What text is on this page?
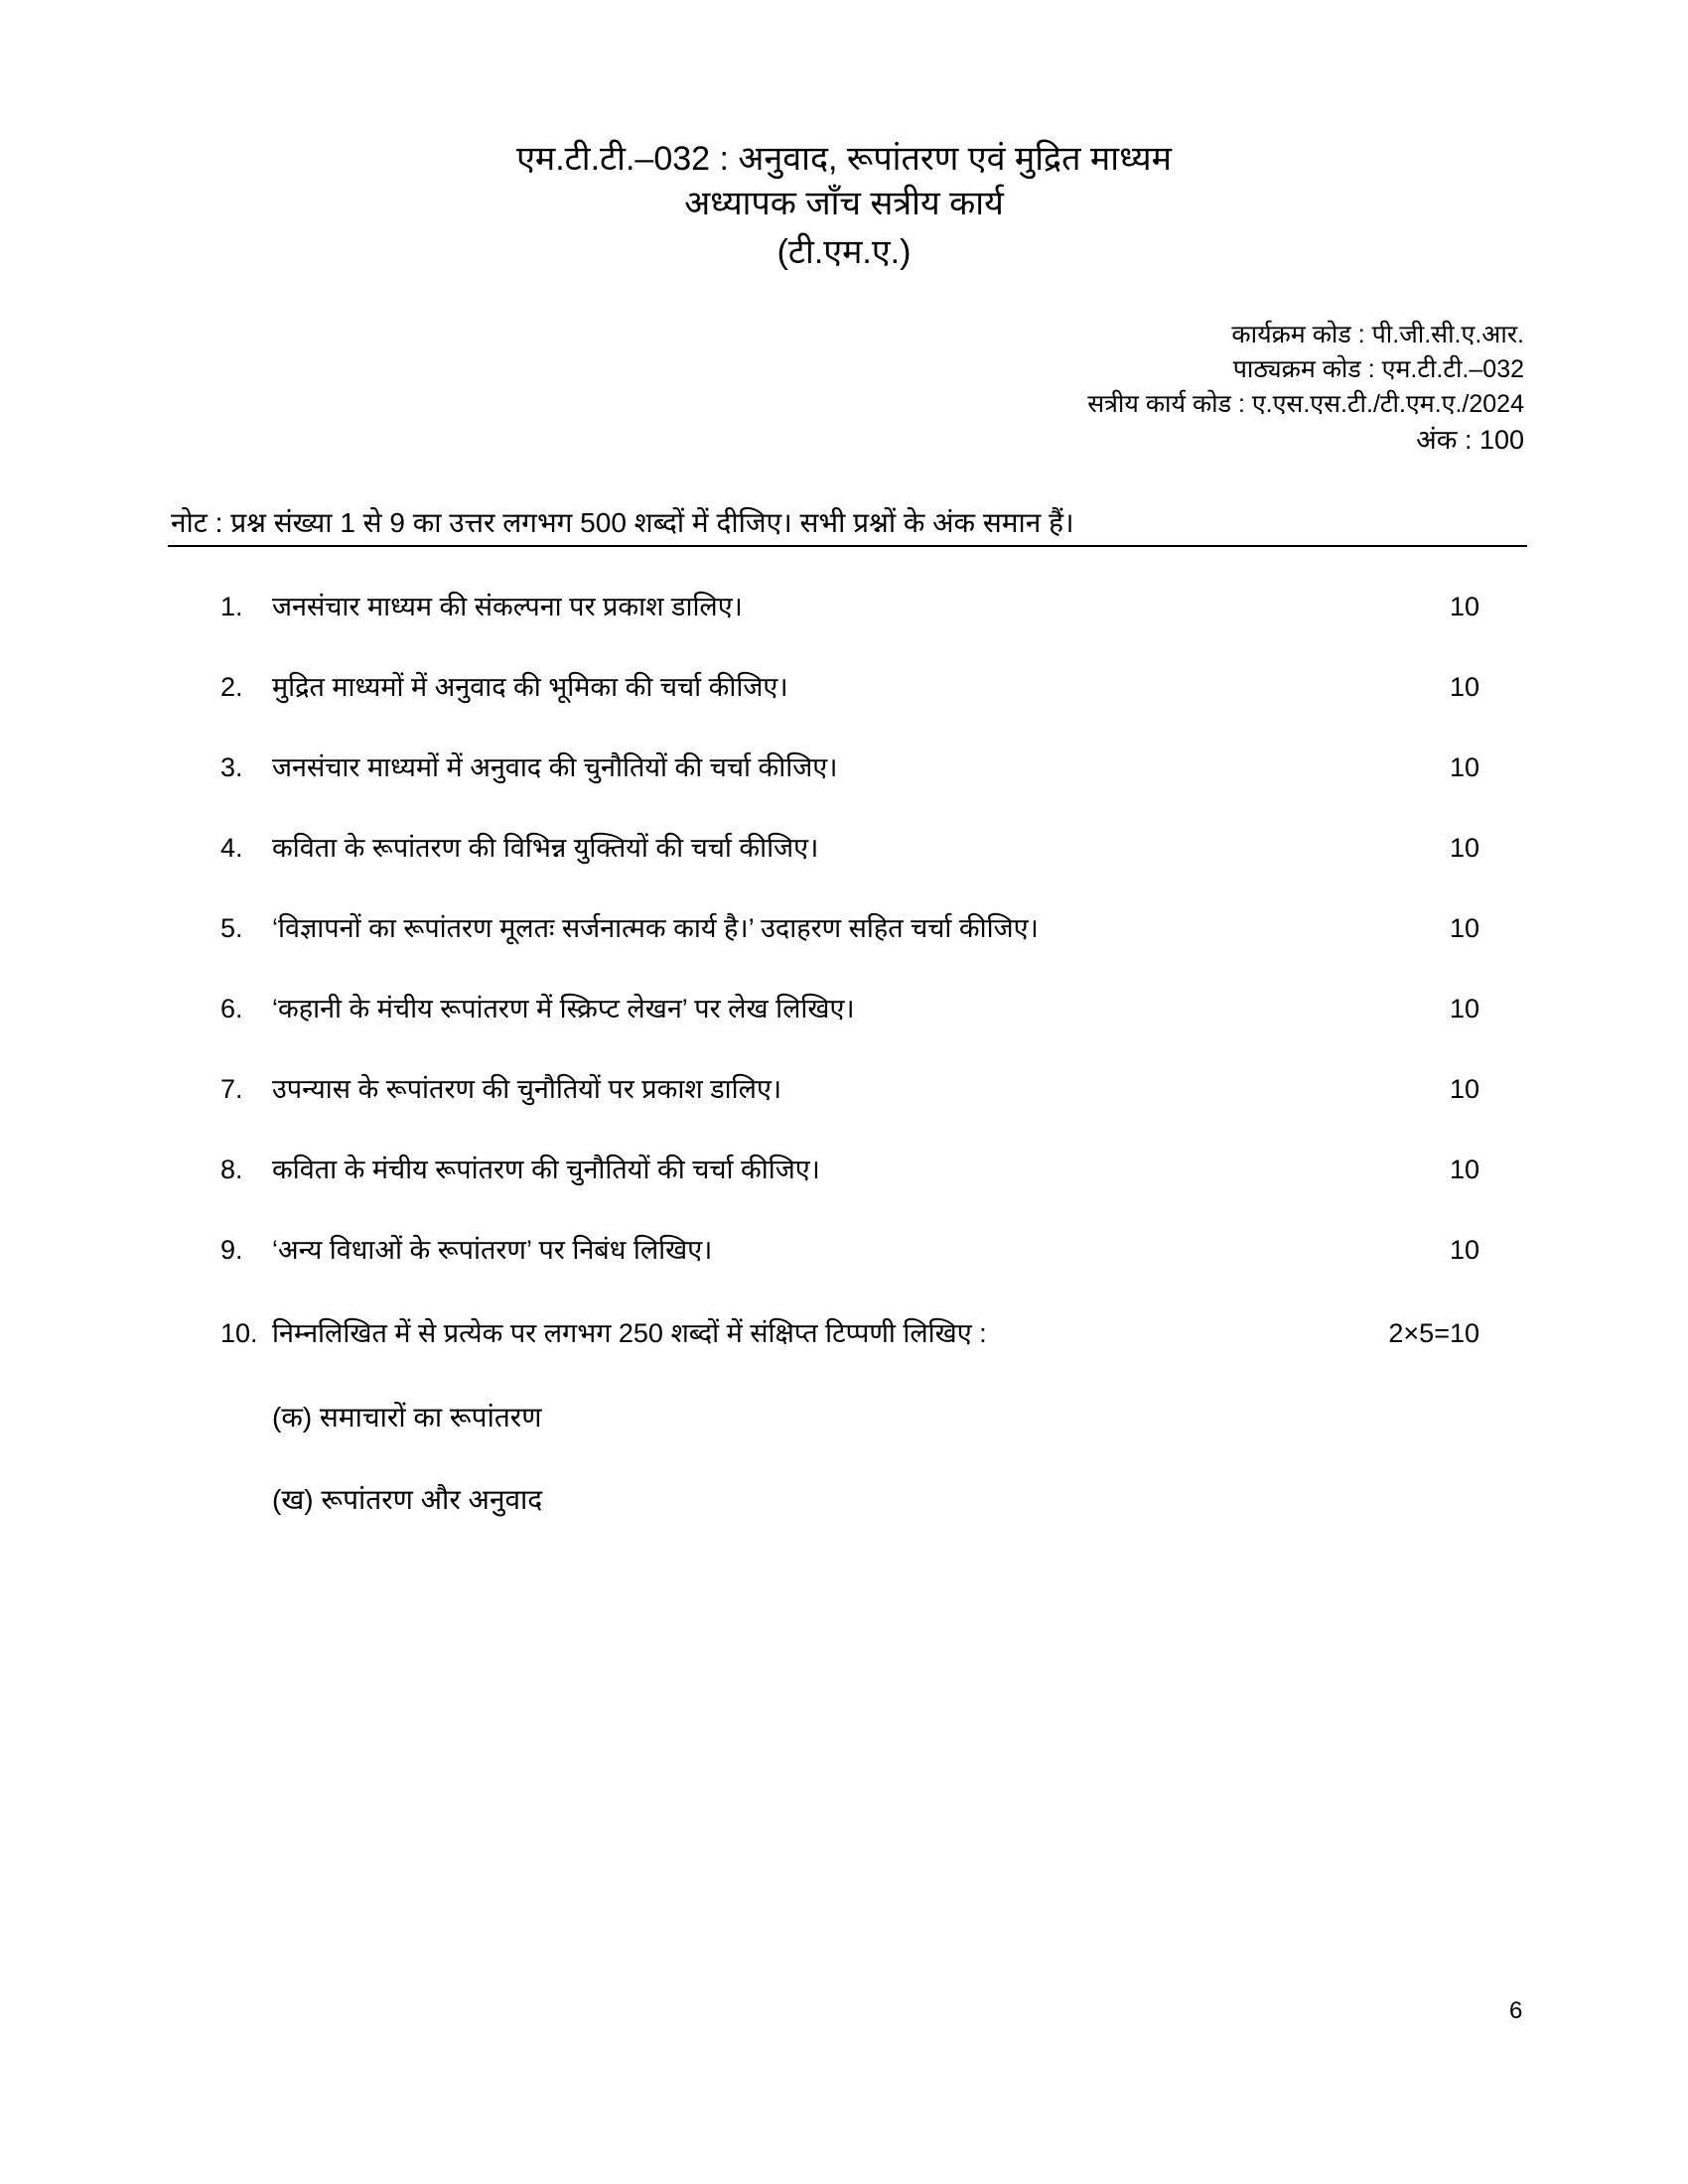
एम.टी.टी.–032 : अनुवाद, रूपांतरण एवं मुद्रित माध्यम
अध्यापक जाँच सत्रीय कार्य
(टी.एम.ए.)
कार्यक्रम कोड : पी.जी.सी.ए.आर.
पाठ्यक्रम कोड : एम.टी.टी.–032
सत्रीय कार्य कोड : ए.एस.एस.टी./टी.एम.ए./2024
अंक : 100
नोट : प्रश्न संख्या 1 से 9 का उत्तर लगभग 500 शब्दों में दीजिए। सभी प्रश्नों के अंक समान हैं।
1. जनसंचार माध्यम की संकल्पना पर प्रकाश डालिए।	10
2. मुद्रित माध्यमों में अनुवाद की भूमिका की चर्चा कीजिए।	10
3. जनसंचार माध्यमों में अनुवाद की चुनौतियों की चर्चा कीजिए।	10
4. कविता के रूपांतरण की विभिन्न युक्तियों की चर्चा कीजिए।	10
5. ‘विज्ञापनों का रूपांतरण मूलतः सर्जनात्मक कार्य है।’ उदाहरण सहित चर्चा कीजिए।	10
6. ‘कहानी के मंचीय रूपांतरण में स्क्रिप्ट लेखन’ पर लेख लिखिए।	10
7. उपन्यास के रूपांतरण की चुनौतियों पर प्रकाश डालिए।	10
8. कविता के मंचीय रूपांतरण की चुनौतियों की चर्चा कीजिए।	10
9. ‘अन्य विधाओं के रूपांतरण’ पर निबंध लिखिए।	10
10. निम्नलिखित में से प्रत्येक पर लगभग 250 शब्दों में संक्षिप्त टिप्पणी लिखिए :	2×5=10
(क) समाचारों का रूपांतरण
(ख) रूपांतरण और अनुवाद
6
